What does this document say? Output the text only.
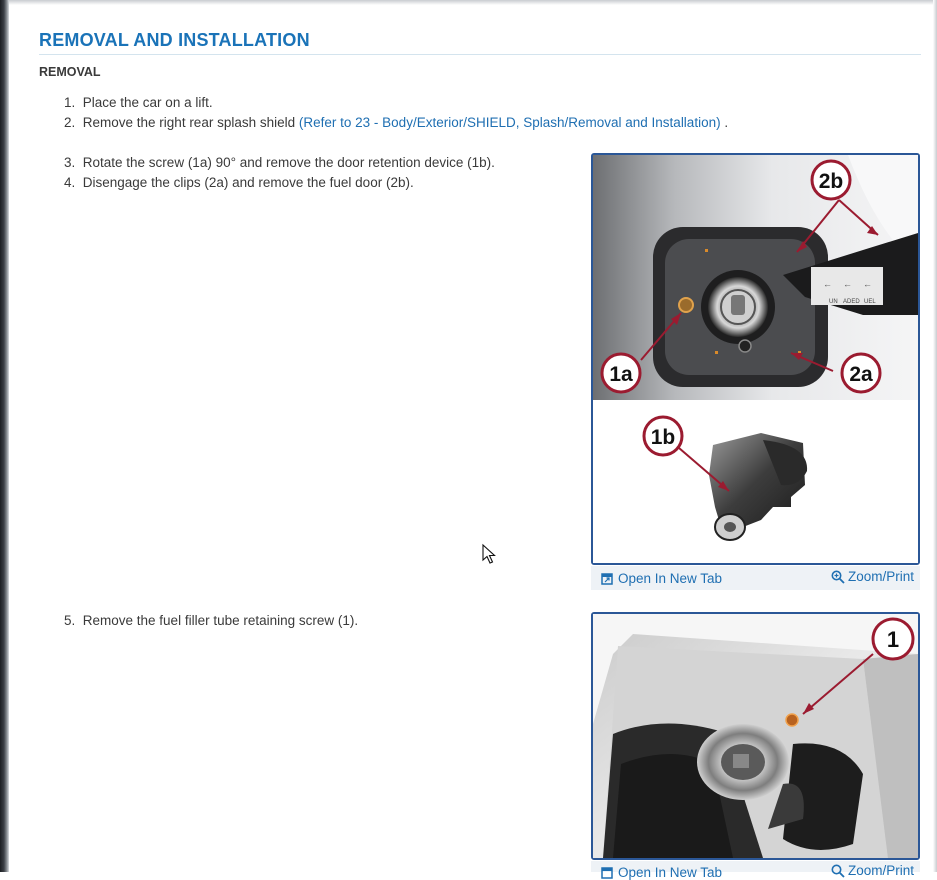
REMOVAL AND INSTALLATION
REMOVAL
1. Place the car on a lift.
2. Remove the right rear splash shield (Refer to 23 - Body/Exterior/SHIELD, Splash/Removal and Installation) .
3. Rotate the screw (1a) 90° and remove the door retention device (1b).
4. Disengage the clips (2a) and remove the fuel door (2b).
5. Remove the fuel filler tube retaining screw (1).
← ← ←
UN ADED UEL
2b
1a	2a
1b
Open In New Tab	Zoom/Print
1
Open In New Tab	Zoom/Print
